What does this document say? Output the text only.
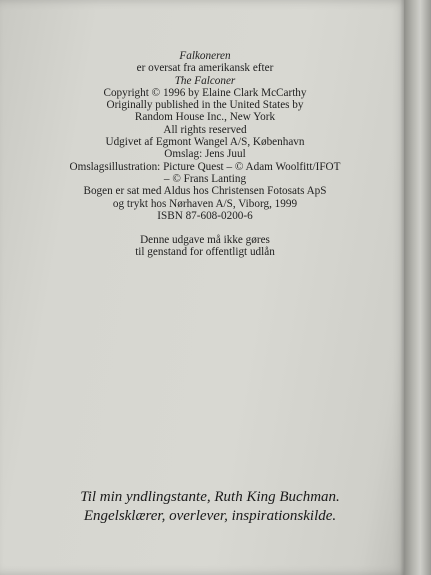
Falkoneren
er oversat fra amerikansk efter
The Falconer
Copyright © 1996 by Elaine Clark McCarthy
Originally published in the United States by
Random House Inc., New York
All rights reserved
Udgivet af Egmont Wangel A/S, København
Omslag: Jens Juul
Omslagsillustration: Picture Quest – © Adam Woolfitt/IFOT
– © Frans Lanting
Bogen er sat med Aldus hos Christensen Fotosats ApS
og trykt hos Nørhaven A/S, Viborg, 1999
ISBN 87-608-0200-6
Denne udgave må ikke gøres
til genstand for offentligt udlån
Til min yndlingstante, Ruth King Buchman.
Engelsklærer, overlever, inspirationskilde.
